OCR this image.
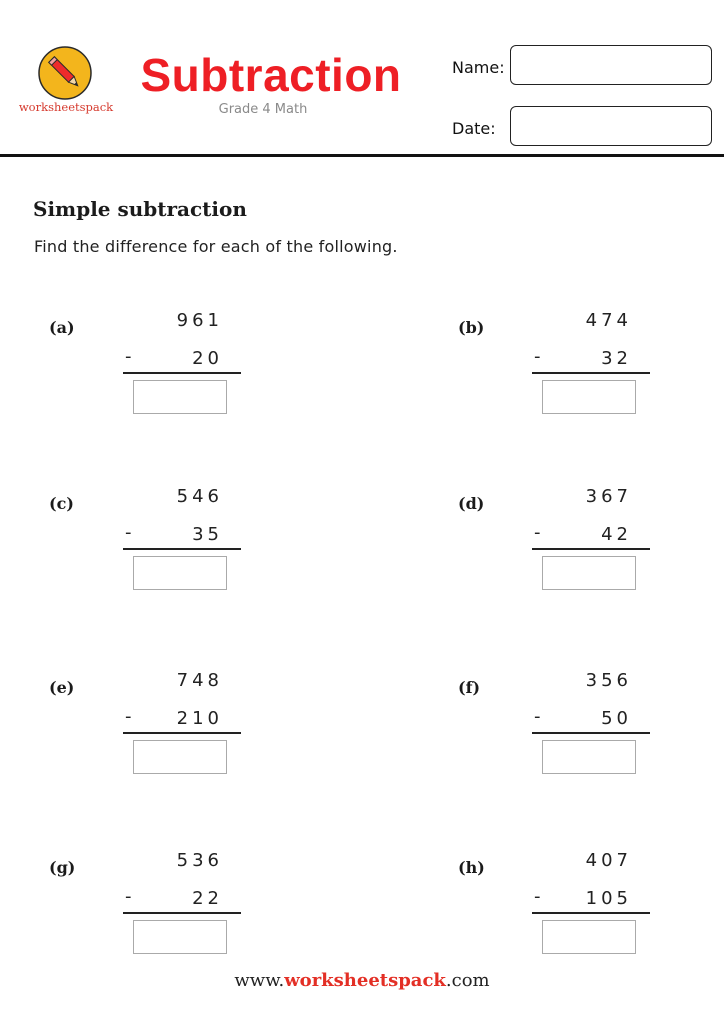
worksheetspack
Subtraction
Grade 4 Math
Name:
Date:
Simple subtraction
Find the difference for each of the following.
(a)	961
-	20
(b)	474
-	32
(c)	546
-	35
(d)	367
-	42
(e)	748
-	210
(f)	356
-	50
(g)	536
-	22
(h)	407
-	105
www.worksheetspack.com
